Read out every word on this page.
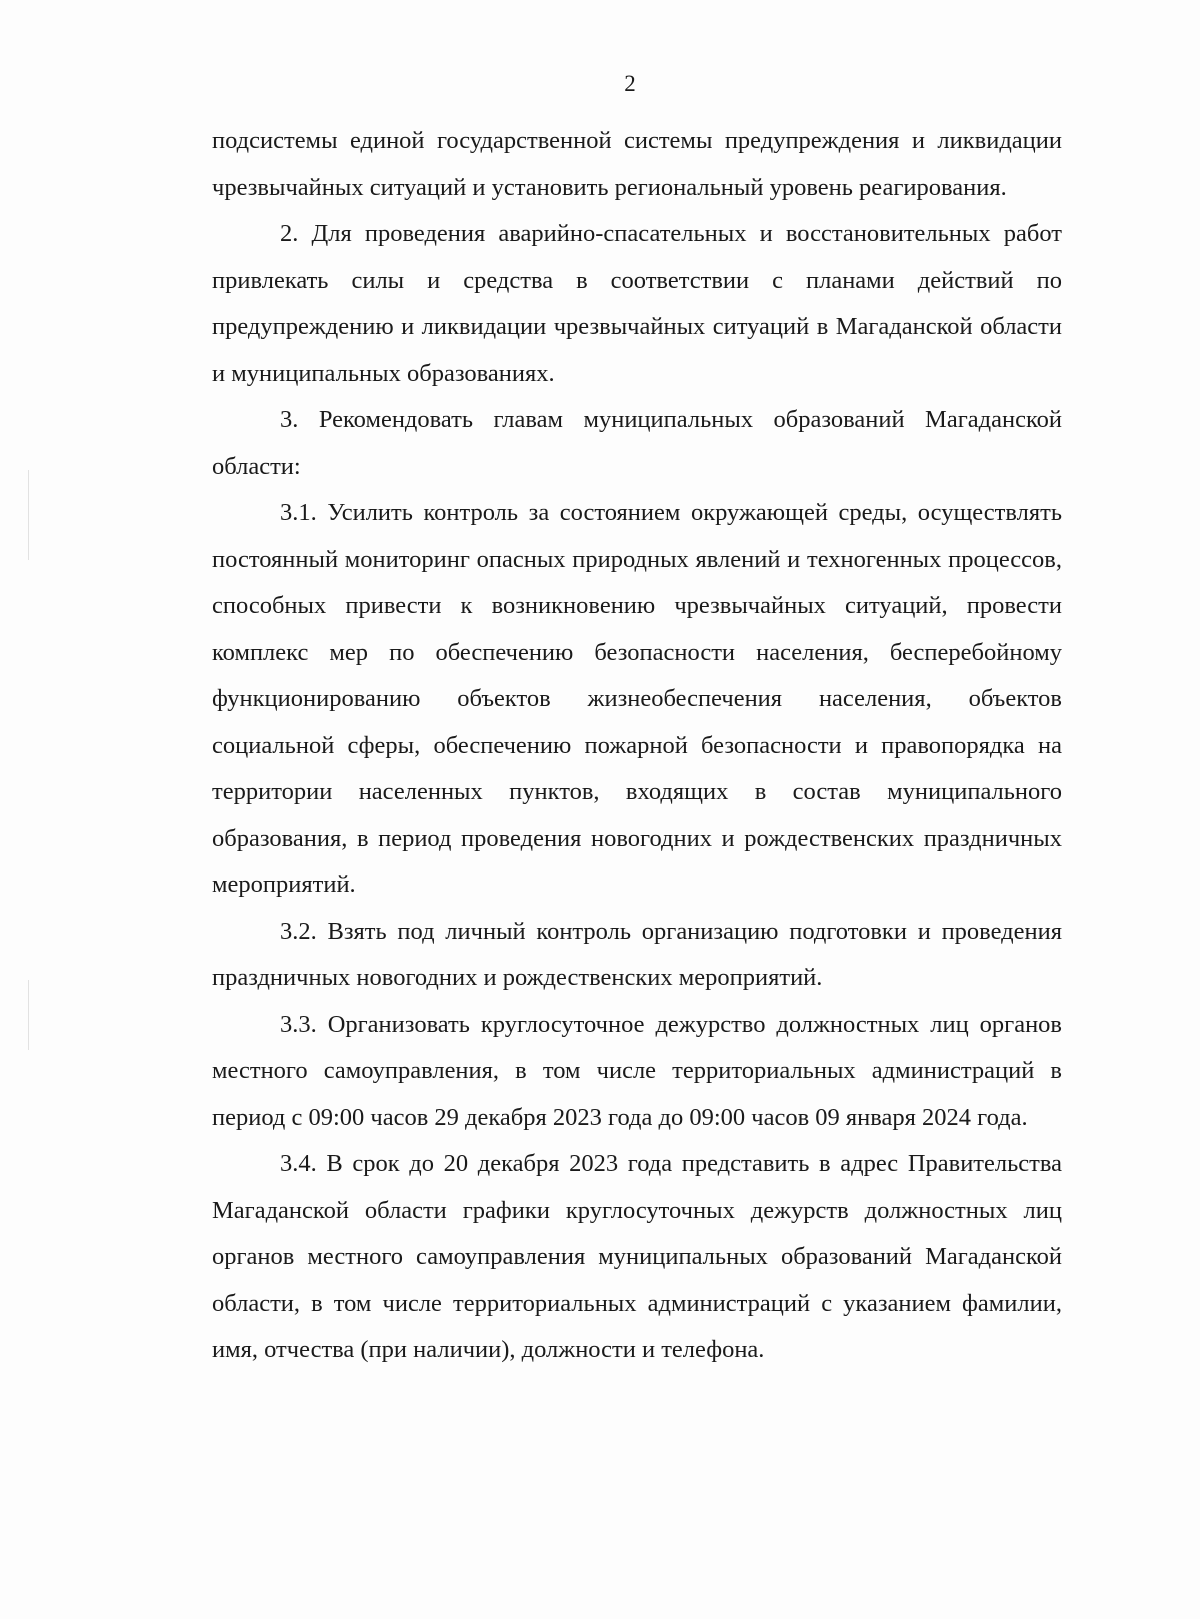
2

подсистемы единой государственной системы предупреждения и ликвидации чрезвычайных ситуаций и установить региональный уровень реагирования.

2. Для проведения аварийно-спасательных и восстановительных работ привлекать силы и средства в соответствии с планами действий по предупреждению и ликвидации чрезвычайных ситуаций в Магаданской области и муниципальных образованиях.

3. Рекомендовать главам муниципальных образований Магаданской области:

3.1. Усилить контроль за состоянием окружающей среды, осуществлять постоянный мониторинг опасных природных явлений и техногенных процессов, способных привести к возникновению чрезвычайных ситуаций, провести комплекс мер по обеспечению безопасности населения, бесперебойному функционированию объектов жизнеобеспечения населения, объектов социальной сферы, обеспечению пожарной безопасности и правопорядка на территории населенных пунктов, входящих в состав муниципального образования, в период проведения новогодних и рождественских праздничных мероприятий.

3.2. Взять под личный контроль организацию подготовки и проведения праздничных новогодних и рождественских мероприятий.

3.3. Организовать круглосуточное дежурство должностных лиц органов местного самоуправления, в том числе территориальных администраций в период с 09:00 часов 29 декабря 2023 года до 09:00 часов 09 января 2024 года.

3.4. В срок до 20 декабря 2023 года представить в адрес Правительства Магаданской области графики круглосуточных дежурств должностных лиц органов местного самоуправления муниципальных образований Магаданской области, в том числе территориальных администраций с указанием фамилии, имя, отчества (при наличии), должности и телефона.
